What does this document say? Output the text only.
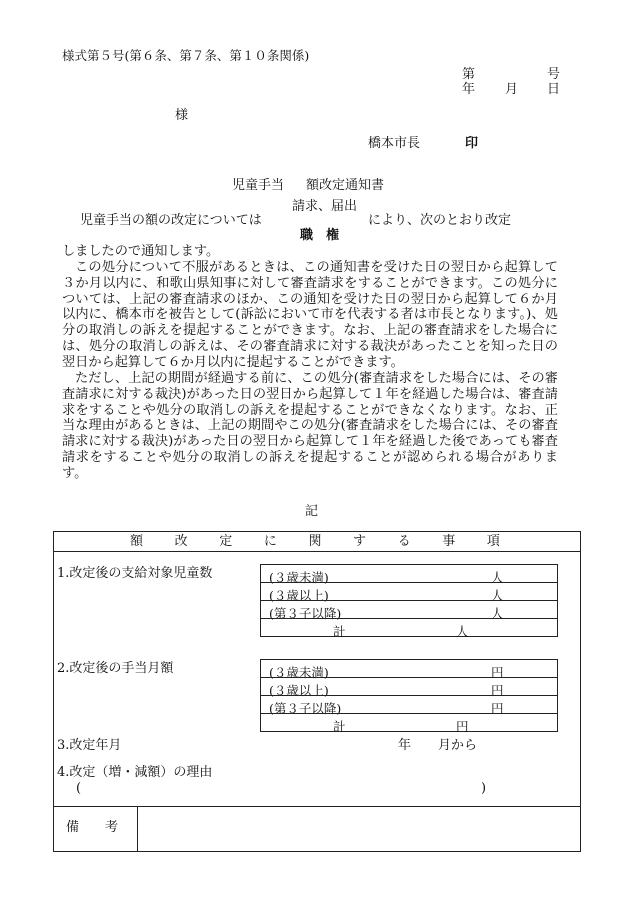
様式第５号(第６条、第７条、第１０条関係)
第	号
年 月 日
様
橋本市長	印
児童手当 額改定通知書
請求、届出
児童手当の額の改定については	により、次のとおり改定
職　権
しましたので通知します。

この処分について不服があるときは、この通知書を受けた日の翌日から起算して３か月以内に、和歌山県知事に対して審査請求をすることができます。この処分については、上記の審査請求のほか、この通知を受けた日の翌日から起算して６か月以内に、橋本市を被告として(訴訟において市を代表する者は市長となります。)、処分の取消しの訴えを提起することができます。なお、上記の審査請求をした場合には、処分の取消しの訴えは、その審査請求に対する裁決があったことを知った日の翌日から起算して６か月以内に提起することができます。

ただし、上記の期間が経過する前に、この処分(審査請求をした場合には、その審査請求に対する裁決)があった日の翌日から起算して１年を経過した場合は、審査請求をすることや処分の取消しの訴えを提起することができなくなります。なお、正当な理由があるときは、上記の期間やこの処分(審査請求をした場合には、その審査請求に対する裁決)があった日の翌日から起算して１年を経過した後であっても審査請求をすることや処分の取消しの訴えを提起することが認められる場合があります。

記
額 改 定 に 関 す る 事 項
1.改定後の支給対象児童数	(３歳未満)	人
(３歳以上)	人
(第３子以降)	人
計	人
2.改定後の手当月額	(３歳未満)	円
(３歳以上)	円
(第３子以降)	円
計	円
3.改定年月	年 月から
4.改定（増・減額）の理由
(	)
備　　考
